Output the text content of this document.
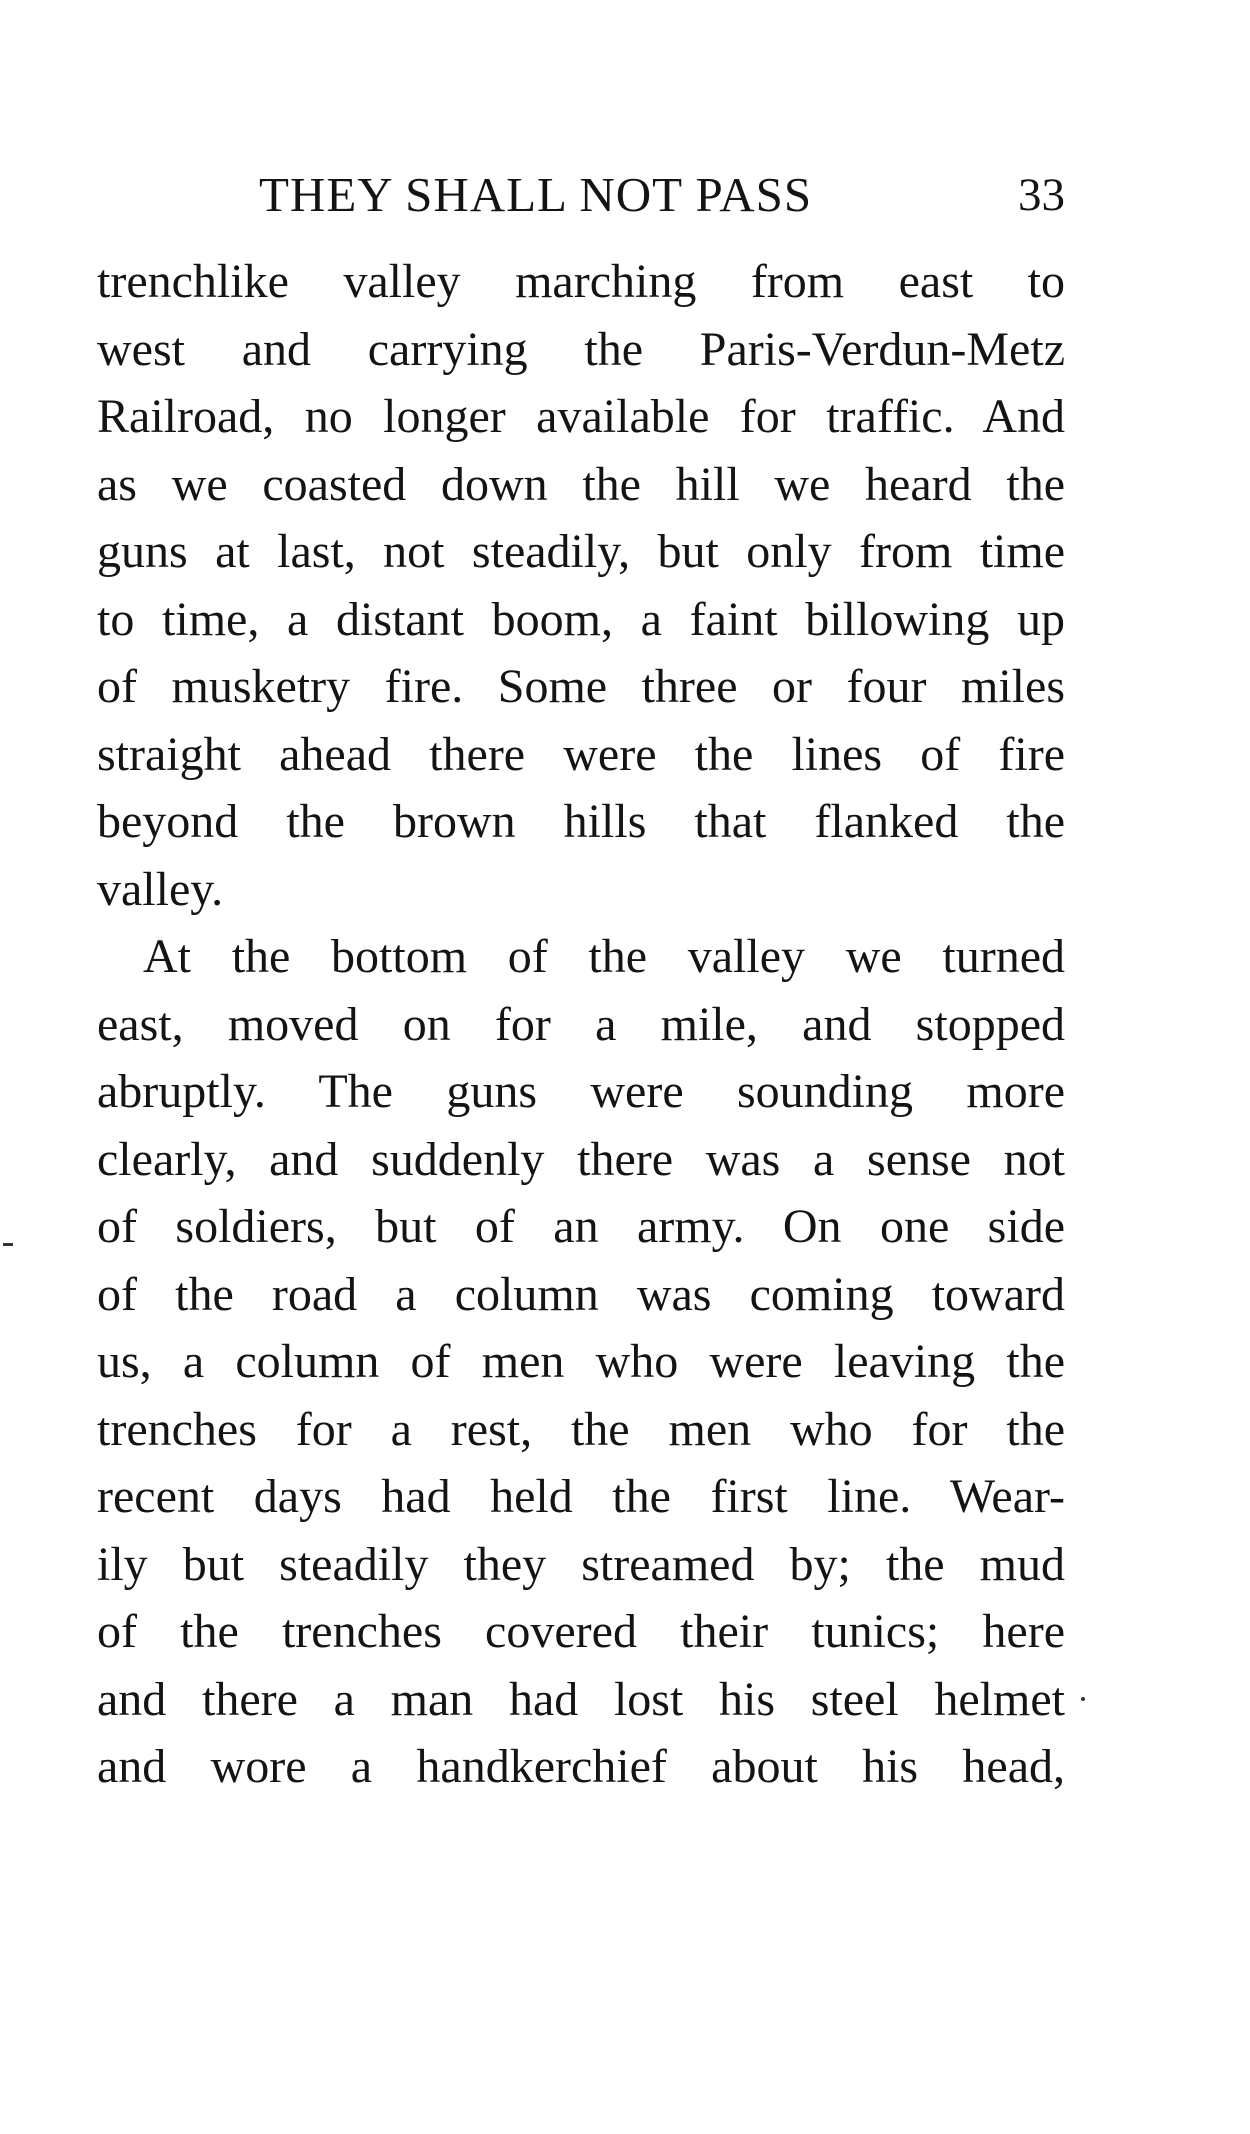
THEY SHALL NOT PASS	33

trenchlike valley marching from east to
west and carrying the Paris-Verdun-Metz
Railroad, no longer available for traffic. And
as we coasted down the hill we heard the
guns at last, not steadily, but only from time
to time, a distant boom, a faint billowing up
of musketry fire. Some three or four miles
straight ahead there were the lines of fire
beyond the brown hills that flanked the
valley.

At the bottom of the valley we turned
east, moved on for a mile, and stopped
abruptly. The guns were sounding more
clearly, and suddenly there was a sense not
of soldiers, but of an army. On one side
of the road a column was coming toward
us, a column of men who were leaving the
trenches for a rest, the men who for the
recent days had held the first line. Wear-
ily but steadily they streamed by; the mud
of the trenches covered their tunics; here
and there a man had lost his steel helmet
and wore a handkerchief about his head,
